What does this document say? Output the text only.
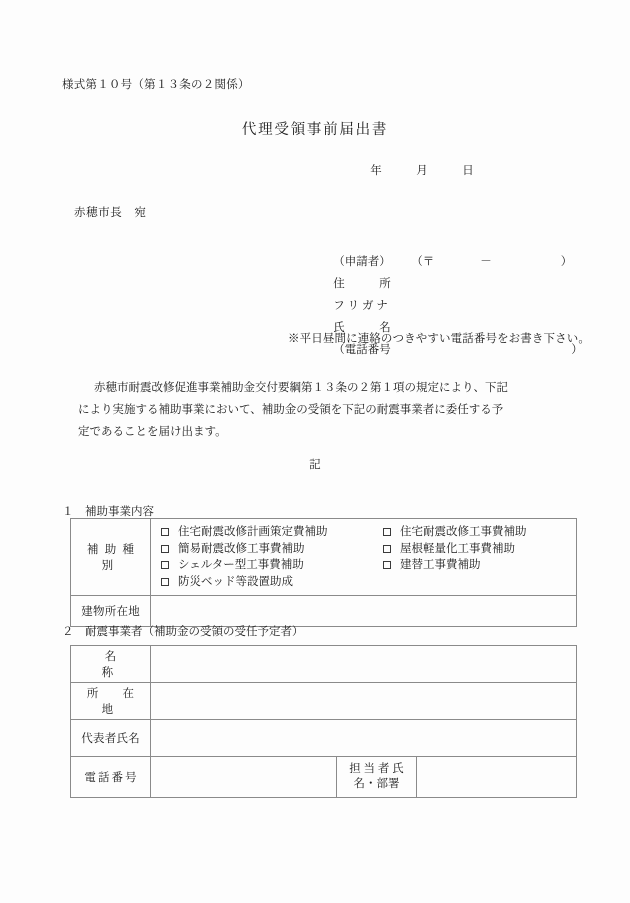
様式第１０号（第１３条の２関係）
代理受領事前届出書
年　　　月　　　日
赤穂市長　宛

（申請者） （〒　　　　－　　　　　　）

住　　　所

フ リ ガ ナ

氏　　　名

（電話番号	）

※平日昼間に連絡のつきやすい電話番号をお書き下さい。
赤穂市耐震改修促進事業補助金交付要綱第１３条の２第１項の規定により、下記
により実施する補助事業において、補助金の受領を下記の耐震事業者に委任する予
定であることを届け出ます。
記
１　補助事業内容
補助種別

住宅耐震改修計画策定費補助	住宅耐震改修工事費補助
簡易耐震改修工事費補助	屋根軽量化工事費補助
シェルター型工事費補助	建替工事費補助
防災ベッド等設置助成

建物所在地	

２　耐震事業者（補助金の受領の受任予定者）
名　　　称			

所　在　地			

代表者氏名			

電話番号		担 当 者 氏
名・部署	
